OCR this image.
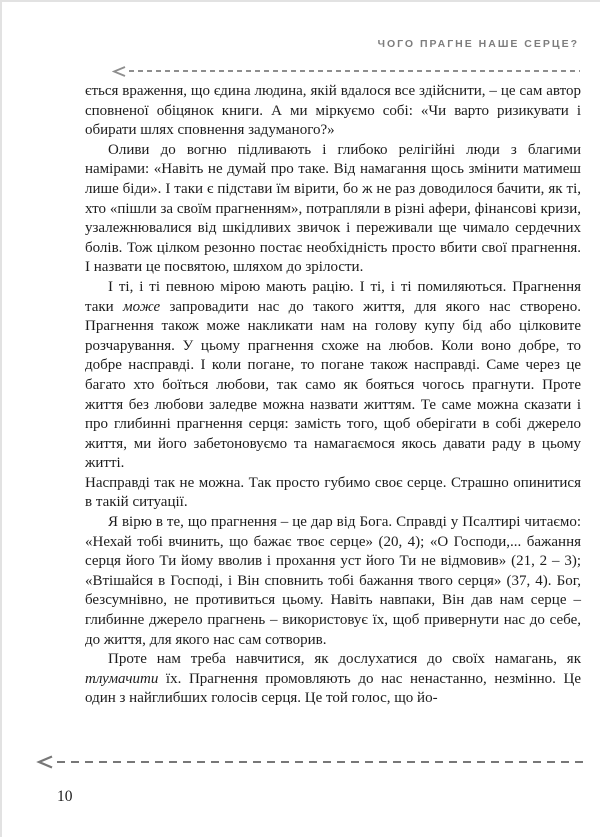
ЧОГО ПРАГНЕ НАШЕ СЕРЦЕ?

ється враження, що єдина людина, якій вдалося все здійснити, – це сам автор сповненої обіцянок книги. А ми міркуємо собі: «Чи варто ризикувати і обирати шлях сповнення задуманого?»

Оливи до вогню підливають і глибоко релігійні люди з благими намірами: «Навіть не думай про таке. Від намагання щось змінити матимеш лише біди». І таки є підстави їм вірити, бо ж не раз доводилося бачити, як ті, хто «пішли за своїм прагненням», потрапляли в різні афери, фінансові кризи, узалежнювалися від шкідливих звичок і переживали ще чимало сердечних болів. Тож цілком резонно постає необхідність просто вбити свої прагнення. І назвати це посвятою, шляхом до зрілости.

І ті, і ті певною мірою мають рацію. І ті, і ті помиляються. Прагнення таки може запровадити нас до такого життя, для якого нас створено. Прагнення також може накликати нам на голову купу бід або цілковите розчарування. У цьому прагнення схоже на любов. Коли воно добре, то добре насправді. І коли погане, то погане також насправді. Саме через це багато хто боїться любови, так само як бояться чогось прагнути. Проте життя без любови заледве можна назвати життям. Те саме можна сказати і про глибинні прагнення серця: замість того, щоб оберігати в собі джерело життя, ми його забетоновуємо та намагаємося якось давати раду в цьому житті.

Насправді так не можна. Так просто губимо своє серце. Страшно опинитися в такій ситуації.

Я вірю в те, що прагнення – це дар від Бога. Справді у Псалтирі читаємо: «Нехай тобі вчинить, що бажає твоє серце» (20, 4); «О Господи,... бажання серця його Ти йому вволив і прохання уст його Ти не відмовив» (21, 2 – 3); «Втішайся в Господі, і Він сповнить тобі бажання твого серця» (37, 4). Бог, безсумнівно, не противиться цьому. Навіть навпаки, Він дав нам серце – глибинне джерело прагнень – використовує їх, щоб привернути нас до себе, до життя, для якого нас сам сотворив.

Проте нам треба навчитися, як дослухатися до своїх намагань, як тлумачити їх. Прагнення промовляють до нас ненастанно, незмінно. Це один з найглибших голосів серця. Це той голос, що йо-

10
